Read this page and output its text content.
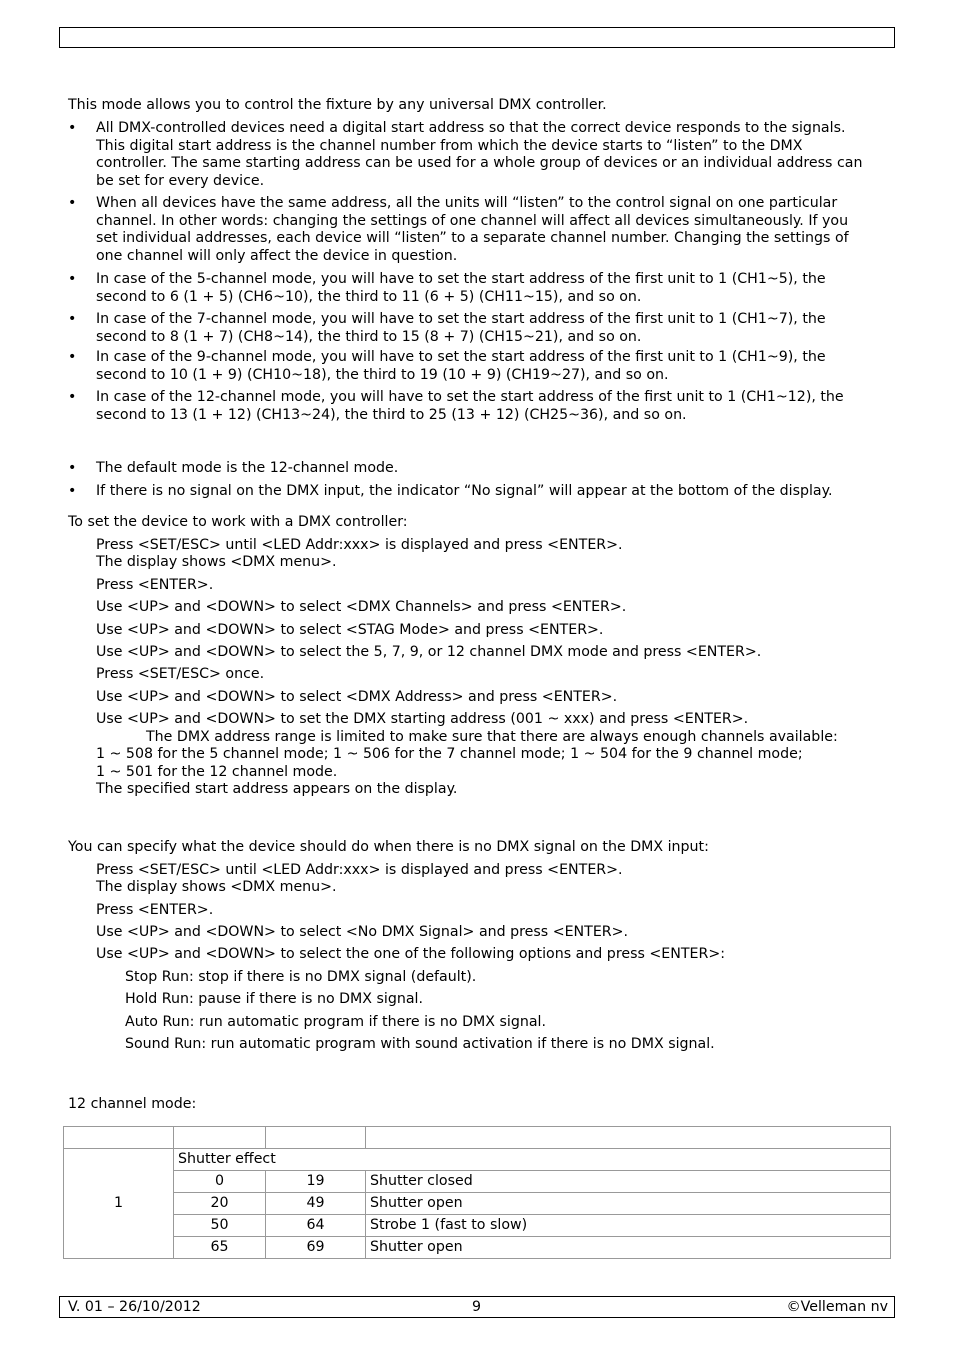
This mode allows you to control the fixture by any universal DMX controller.
• All DMX-controlled devices need a digital start address so that the correct device responds to the signals.
This digital start address is the channel number from which the device starts to “listen” to the DMX
controller. The same starting address can be used for a whole group of devices or an individual address can
be set for every device.
• When all devices have the same address, all the units will “listen” to the control signal on one particular
channel. In other words: changing the settings of one channel will affect all devices simultaneously. If you
set individual addresses, each device will “listen” to a separate channel number. Changing the settings of
one channel will only affect the device in question.
• In case of the 5-channel mode, you will have to set the start address of the first unit to 1 (CH1~5), the
second to 6 (1 + 5) (CH6~10), the third to 11 (6 + 5) (CH11~15), and so on.
• In case of the 7-channel mode, you will have to set the start address of the first unit to 1 (CH1~7), the
second to 8 (1 + 7) (CH8~14), the third to 15 (8 + 7) (CH15~21), and so on.
• In case of the 9-channel mode, you will have to set the start address of the first unit to 1 (CH1~9), the
second to 10 (1 + 9) (CH10~18), the third to 19 (10 + 9) (CH19~27), and so on.
• In case of the 12-channel mode, you will have to set the start address of the first unit to 1 (CH1~12), the
second to 13 (1 + 12) (CH13~24), the third to 25 (13 + 12) (CH25~36), and so on.
• The default mode is the 12-channel mode.
• If there is no signal on the DMX input, the indicator “No signal” will appear at the bottom of the display.
To set the device to work with a DMX controller:
Press <SET/ESC> until <LED Addr:xxx> is displayed and press <ENTER>.
The display shows <DMX menu>.
Press <ENTER>.
Use <UP> and <DOWN> to select <DMX Channels> and press <ENTER>.
Use <UP> and <DOWN> to select <STAG Mode> and press <ENTER>.
Use <UP> and <DOWN> to select the 5, 7, 9, or 12 channel DMX mode and press <ENTER>.
Press <SET/ESC> once.
Use <UP> and <DOWN> to select <DMX Address> and press <ENTER>.
Use <UP> and <DOWN> to set the DMX starting address (001 ~ xxx) and press <ENTER>.
The DMX address range is limited to make sure that there are always enough channels available:
1 ~ 508 for the 5 channel mode; 1 ~ 506 for the 7 channel mode; 1 ~ 504 for the 9 channel mode;
1 ~ 501 for the 12 channel mode.
The specified start address appears on the display.
You can specify what the device should do when there is no DMX signal on the DMX input:
Press <SET/ESC> until <LED Addr:xxx> is displayed and press <ENTER>.
The display shows <DMX menu>.
Press <ENTER>.
Use <UP> and <DOWN> to select <No DMX Signal> and press <ENTER>.
Use <UP> and <DOWN> to select the one of the following options and press <ENTER>:
Stop Run: stop if there is no DMX signal (default).
Hold Run: pause if there is no DMX signal.
Auto Run: run automatic program if there is no DMX signal.
Sound Run: run automatic program with sound activation if there is no DMX signal.
12 channel mode:

1	Shutter effect		
	0	19	Shutter closed
	20	49	Shutter open
	50	64	Strobe 1 (fast to slow)
	65	69	Shutter open
V. 01 – 26/10/2012	9	©Velleman nv
